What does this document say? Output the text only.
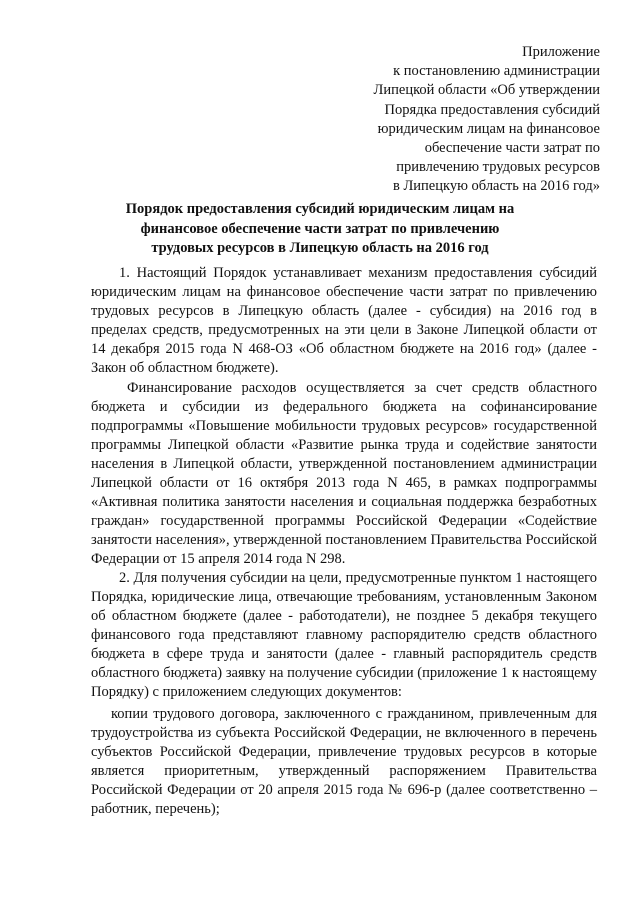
Приложение
к постановлению администрации
Липецкой области «Об утверждении
Порядка предоставления субсидий
юридическим лицам на финансовое
обеспечение части затрат по
привлечению трудовых ресурсов
в Липецкую область на 2016 год»
Порядок предоставления субсидий юридическим лицам на
финансовое обеспечение части затрат по привлечению
трудовых ресурсов в Липецкую область на 2016 год

1. Настоящий Порядок устанавливает механизм предоставления субсидий юридическим лицам на финансовое обеспечение части затрат по привлечению трудовых ресурсов в Липецкую область (далее - субсидия) на 2016 год в пределах средств, предусмотренных на эти цели в Законе Липецкой области от 14 декабря 2015 года N 468-ОЗ «Об областном бюджете на 2016 год» (далее - Закон об областном бюджете).

Финансирование расходов осуществляется за счет средств областного бюджета и субсидии из федерального бюджета на софинансирование подпрограммы «Повышение мобильности трудовых ресурсов» государственной программы Липецкой области «Развитие рынка труда и содействие занятости населения в Липецкой области, утвержденной постановлением администрации Липецкой области от 16 октября 2013 года N 465, в рамках подпрограммы «Активная политика занятости населения и социальная поддержка безработных граждан» государственной программы Российской Федерации «Содействие занятости населения», утвержденной постановлением Правительства Российской Федерации от 15 апреля 2014 года N 298.

2. Для получения субсидии на цели, предусмотренные пунктом 1 настоящего Порядка, юридические лица, отвечающие требованиям, установленным Законом об областном бюджете (далее - работодатели), не позднее 5 декабря текущего финансового года представляют главному распорядителю средств областного бюджета в сфере труда и занятости (далее - главный распорядитель средств областного бюджета) заявку на получение субсидии (приложение 1 к настоящему Порядку) с приложением следующих документов:

копии трудового договора, заключенного с гражданином, привлеченным для трудоустройства из субъекта Российской Федерации, не включенного в перечень субъектов Российской Федерации, привлечение трудовых ресурсов в которые является приоритетным, утвержденный распоряжением Правительства Российской Федерации от 20 апреля 2015 года № 696-р (далее соответственно – работник, перечень);
